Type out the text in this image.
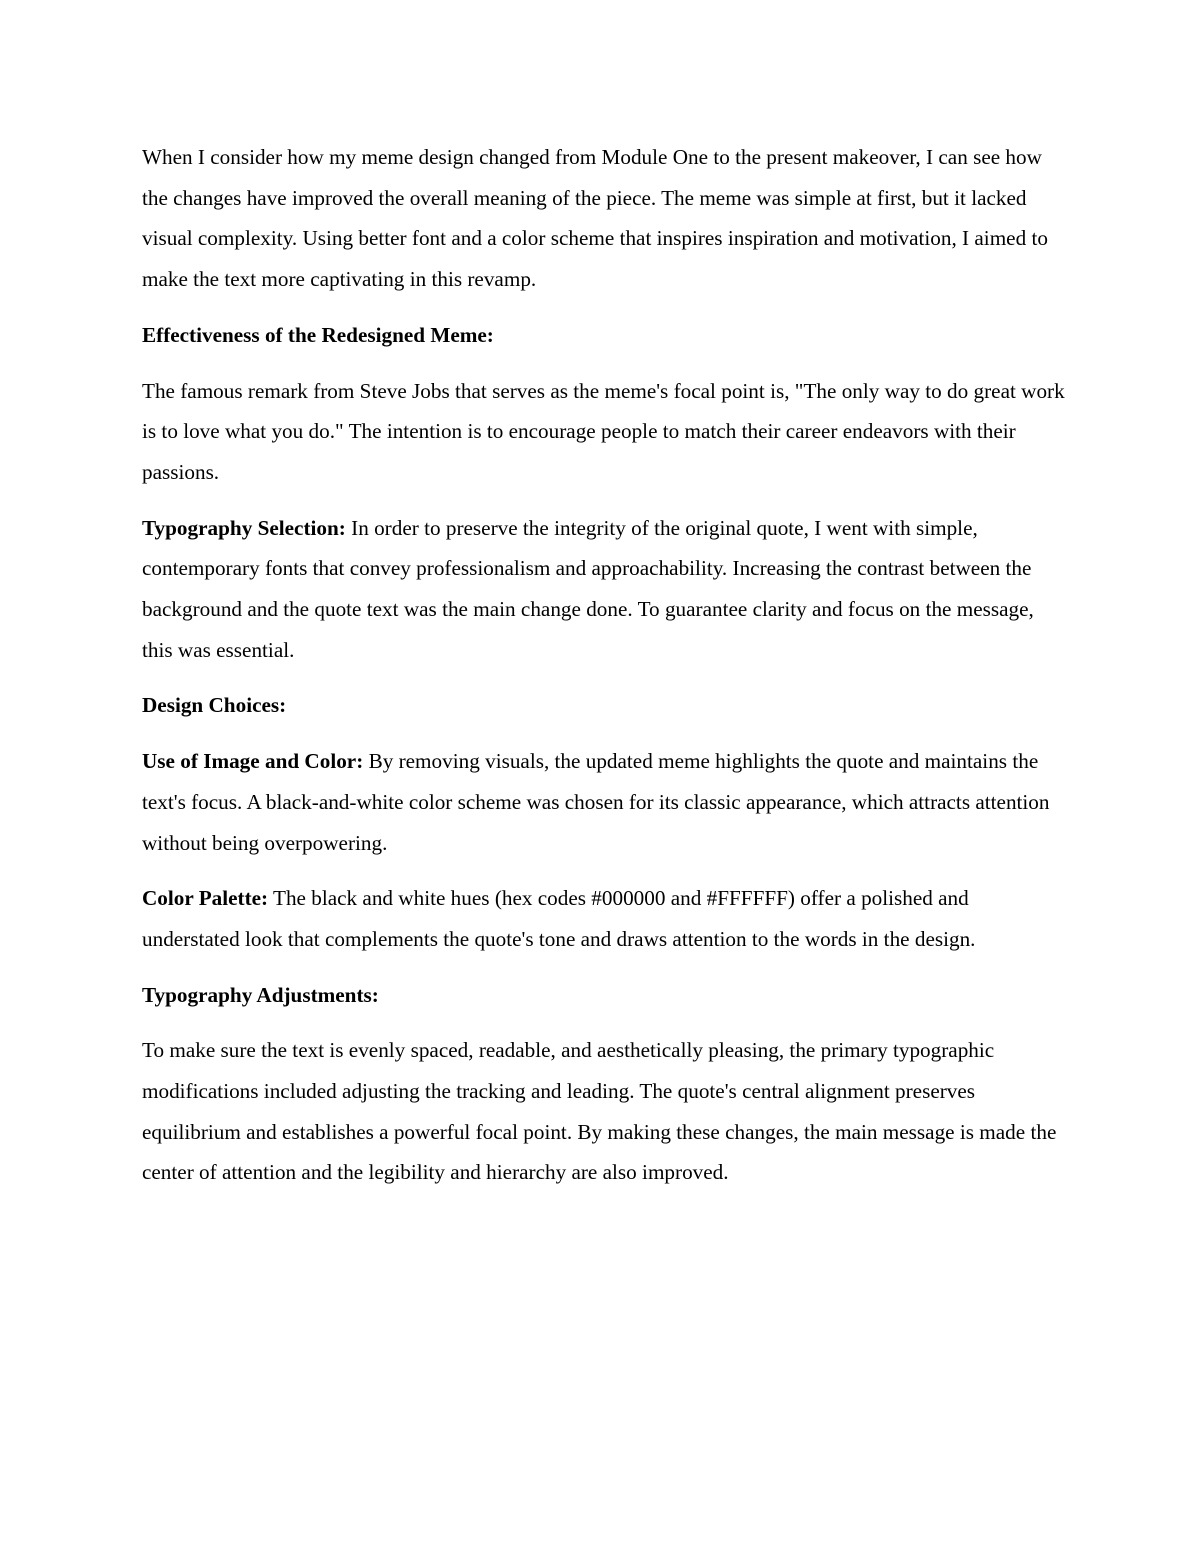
When I consider how my meme design changed from Module One to the present makeover, I can see how the changes have improved the overall meaning of the piece. The meme was simple at first, but it lacked visual complexity. Using better font and a color scheme that inspires inspiration and motivation, I aimed to make the text more captivating in this revamp.

Effectiveness of the Redesigned Meme:

The famous remark from Steve Jobs that serves as the meme's focal point is, "The only way to do great work is to love what you do." The intention is to encourage people to match their career endeavors with their passions.

Typography Selection: In order to preserve the integrity of the original quote, I went with simple, contemporary fonts that convey professionalism and approachability. Increasing the contrast between the background and the quote text was the main change done. To guarantee clarity and focus on the message, this was essential.

Design Choices:

Use of Image and Color: By removing visuals, the updated meme highlights the quote and maintains the text's focus. A black-and-white color scheme was chosen for its classic appearance, which attracts attention without being overpowering.

Color Palette: The black and white hues (hex codes #000000 and #FFFFFF) offer a polished and understated look that complements the quote's tone and draws attention to the words in the design.

Typography Adjustments:

To make sure the text is evenly spaced, readable, and aesthetically pleasing, the primary typographic modifications included adjusting the tracking and leading. The quote's central alignment preserves equilibrium and establishes a powerful focal point. By making these changes, the main message is made the center of attention and the legibility and hierarchy are also improved.
